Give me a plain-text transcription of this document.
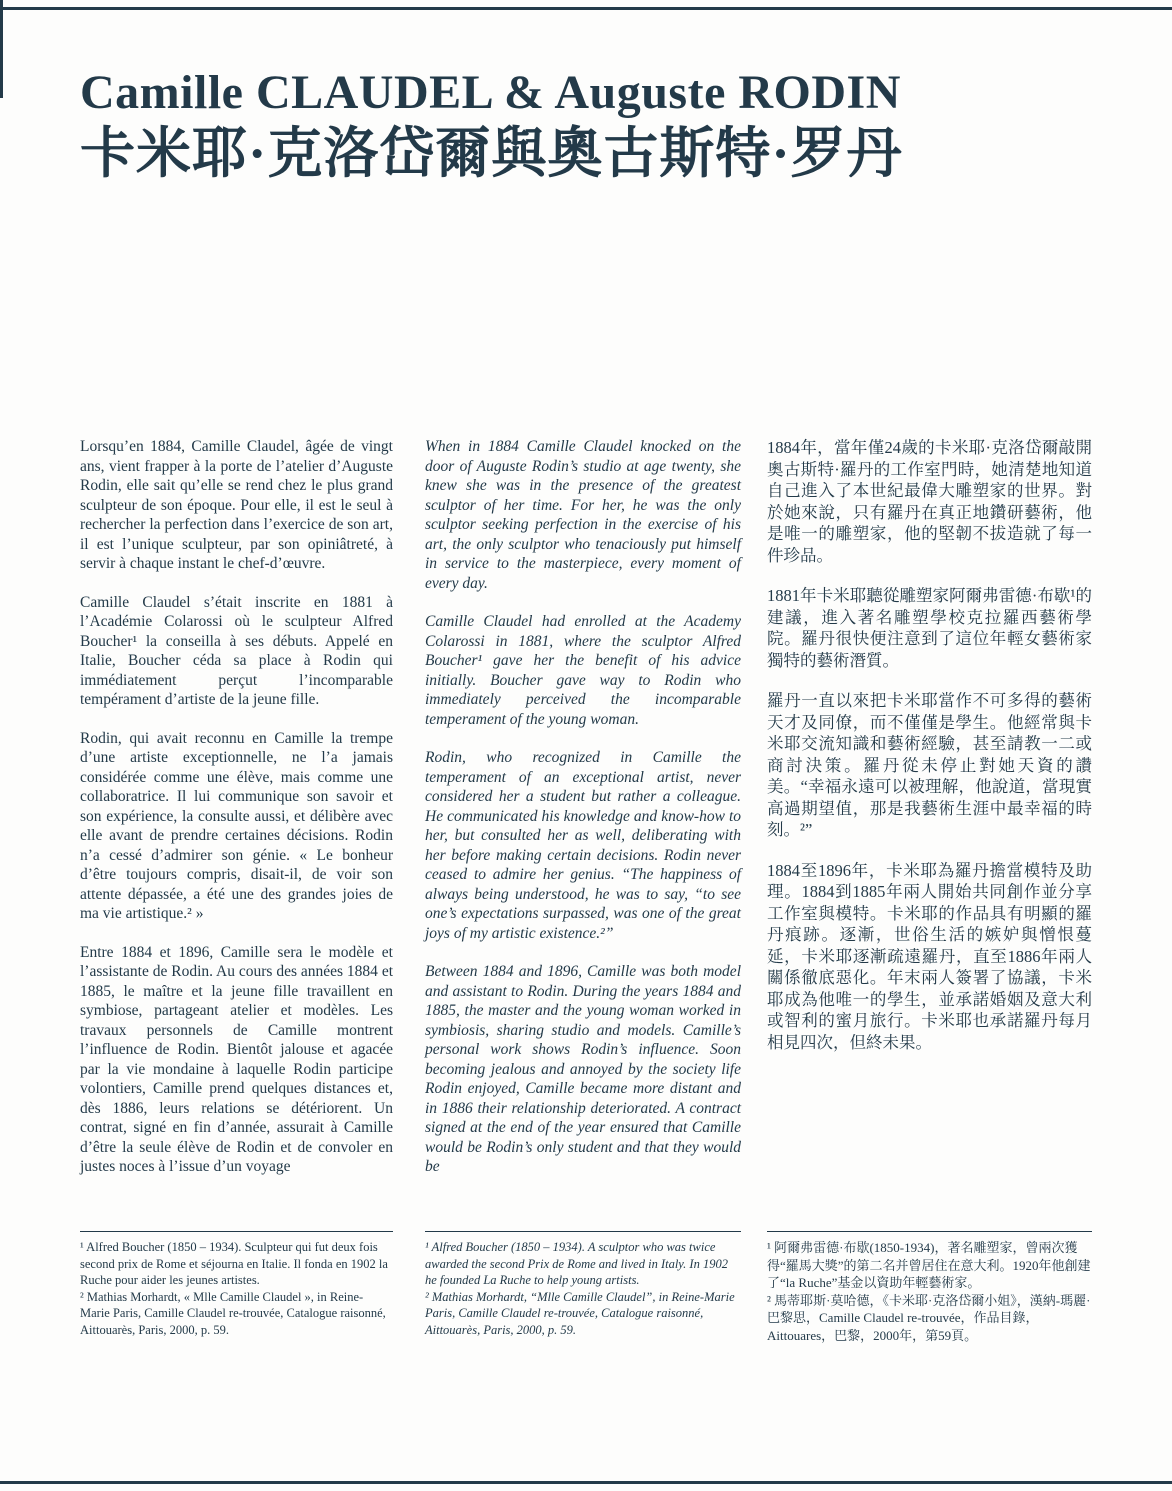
Camille CLAUDEL & Auguste RODIN
卡米耶·克洛岱爾與奧古斯特·罗丹

Lorsqu’en 1884, Camille Claudel, âgée de vingt ans, vient frapper à la porte de l’atelier d’Auguste Rodin, elle sait qu’elle se rend chez le plus grand sculpteur de son époque. Pour elle, il est le seul à rechercher la perfection dans l’exercice de son art, il est l’unique sculpteur, par son opiniâtreté, à servir à chaque instant le chef-d’œuvre.

Camille Claudel s’était inscrite en 1881 à l’Académie Colarossi où le sculpteur Alfred Boucher¹ la conseilla à ses débuts. Appelé en Italie, Boucher céda sa place à Rodin qui immédiatement perçut l’incomparable tempérament d’artiste de la jeune fille.

Rodin, qui avait reconnu en Camille la trempe d’une artiste exceptionnelle, ne l’a jamais considérée comme une élève, mais comme une collaboratrice. Il lui communique son savoir et son expérience, la consulte aussi, et délibère avec elle avant de prendre certaines décisions. Rodin n’a cessé d’admirer son génie. « Le bonheur d’être toujours compris, disait-il, de voir son attente dépassée, a été une des grandes joies de ma vie artistique.² »

Entre 1884 et 1896, Camille sera le modèle et l’assistante de Rodin. Au cours des années 1884 et 1885, le maître et la jeune fille travaillent en symbiose, partageant atelier et modèles. Les travaux personnels de Camille montrent l’influence de Rodin. Bientôt jalouse et agacée par la vie mondaine à laquelle Rodin participe volontiers, Camille prend quelques distances et, dès 1886, leurs relations se détériorent. Un contrat, signé en fin d’année, assurait à Camille d’être la seule élève de Rodin et de convoler en justes noces à l’issue d’un voyage

When in 1884 Camille Claudel knocked on the door of Auguste Rodin’s studio at age twenty, she knew she was in the presence of the greatest sculptor of her time. For her, he was the only sculptor seeking perfection in the exercise of his art, the only sculptor who tenaciously put himself in service to the masterpiece, every moment of every day.

Camille Claudel had enrolled at the Academy Colarossi in 1881, where the sculptor Alfred Boucher¹ gave her the benefit of his advice initially. Boucher gave way to Rodin who immediately perceived the incomparable temperament of the young woman.

Rodin, who recognized in Camille the temperament of an exceptional artist, never considered her a student but rather a colleague. He communicated his knowledge and know-how to her, but consulted her as well, deliberating with her before making certain decisions. Rodin never ceased to admire her genius. “The happiness of always being understood, he was to say, “to see one’s expectations surpassed, was one of the great joys of my artistic existence.²”

Between 1884 and 1896, Camille was both model and assistant to Rodin. During the years 1884 and 1885, the master and the young woman worked in symbiosis, sharing studio and models. Camille’s personal work shows Rodin’s influence. Soon becoming jealous and annoyed by the society life Rodin enjoyed, Camille became more distant and in 1886 their relationship deteriorated. A contract signed at the end of the year ensured that Camille would be Rodin’s only student and that they would be

1884年，當年僅24歲的卡米耶·克洛岱爾敲開奧古斯特·羅丹的工作室門時，她清楚地知道自己進入了本世紀最偉大雕塑家的世界。對於她來說，只有羅丹在真正地鑽研藝術，他是唯一的雕塑家，他的堅韌不拔造就了每一件珍品。

1881年卡米耶聽從雕塑家阿爾弗雷德·布歇¹的建議，進入著名雕塑學校克拉羅西藝術學院。羅丹很快便注意到了這位年輕女藝術家獨特的藝術潛質。

羅丹一直以來把卡米耶當作不可多得的藝術天才及同僚，而不僅僅是學生。他經常與卡米耶交流知識和藝術經驗，甚至請教一二或商討決策。羅丹從未停止對她天資的讚美。“幸福永遠可以被理解，他說道，當現實高過期望值，那是我藝術生涯中最幸福的時刻。²”

1884至1896年，卡米耶為羅丹擔當模特及助理。1884到1885年兩人開始共同創作並分享工作室與模特。卡米耶的作品具有明顯的羅丹痕跡。逐漸，世俗生活的嫉妒與憎恨蔓延，卡米耶逐漸疏遠羅丹，直至1886年兩人關係徹底惡化。年末兩人簽署了協議，卡米耶成為他唯一的學生，並承諾婚姻及意大利或智利的蜜月旅行。卡米耶也承諾羅丹每月相見四次，但終未果。

¹ Alfred Boucher (1850 – 1934). Sculpteur qui fut deux fois second prix de Rome et séjourna en Italie. Il fonda en 1902 la Ruche pour aider les jeunes artistes.

² Mathias Morhardt, « Mlle Camille Claudel », in Reine-Marie Paris, Camille Claudel re-trouvée, Catalogue raisonné, Aittouarès, Paris, 2000, p. 59.

¹ Alfred Boucher (1850 – 1934). A sculptor who was twice awarded the second Prix de Rome and lived in Italy. In 1902 he founded La Ruche to help young artists.

² Mathias Morhardt, “Mlle Camille Claudel”, in Reine-Marie Paris, Camille Claudel re-trouvée, Catalogue raisonné, Aittouarès, Paris, 2000, p. 59.

¹ 阿爾弗雷德·布歇(1850-1934)，著名雕塑家，曾兩次獲得“羅馬大獎”的第二名并曾居住在意大利。1920年他創建了“la Ruche”基金以資助年輕藝術家。

² 馬蒂耶斯·莫哈德，《卡米耶·克洛岱爾小姐》，漢納-瑪麗·巴黎思，Camille Claudel re-trouvée，作品目錄，Aittouares，巴黎，2000年，第59頁。
